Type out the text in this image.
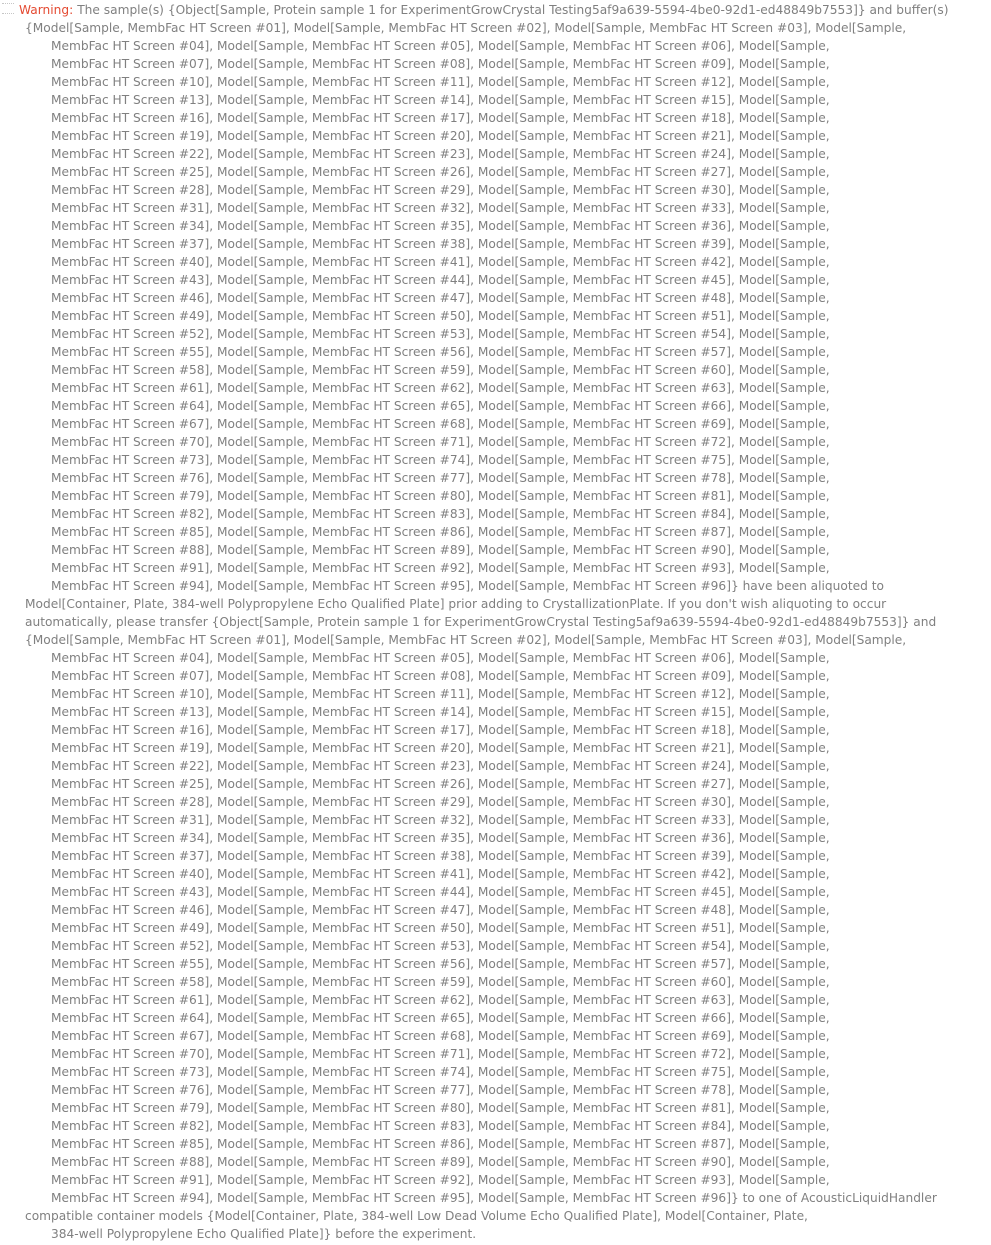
Warning: The sample(s) {Object[Sample, Protein sample 1 for ExperimentGrowCrystal Testing5af9a639-5594-4be0-92d1-ed48849b7553]} and buffer(s)
{Model[Sample, MembFac HT Screen #01], Model[Sample, MembFac HT Screen #02], Model[Sample, MembFac HT Screen #03], Model[Sample,
MembFac HT Screen #04], Model[Sample, MembFac HT Screen #05], Model[Sample, MembFac HT Screen #06], Model[Sample,
MembFac HT Screen #07], Model[Sample, MembFac HT Screen #08], Model[Sample, MembFac HT Screen #09], Model[Sample,
MembFac HT Screen #10], Model[Sample, MembFac HT Screen #11], Model[Sample, MembFac HT Screen #12], Model[Sample,
MembFac HT Screen #13], Model[Sample, MembFac HT Screen #14], Model[Sample, MembFac HT Screen #15], Model[Sample,
MembFac HT Screen #16], Model[Sample, MembFac HT Screen #17], Model[Sample, MembFac HT Screen #18], Model[Sample,
MembFac HT Screen #19], Model[Sample, MembFac HT Screen #20], Model[Sample, MembFac HT Screen #21], Model[Sample,
MembFac HT Screen #22], Model[Sample, MembFac HT Screen #23], Model[Sample, MembFac HT Screen #24], Model[Sample,
MembFac HT Screen #25], Model[Sample, MembFac HT Screen #26], Model[Sample, MembFac HT Screen #27], Model[Sample,
MembFac HT Screen #28], Model[Sample, MembFac HT Screen #29], Model[Sample, MembFac HT Screen #30], Model[Sample,
MembFac HT Screen #31], Model[Sample, MembFac HT Screen #32], Model[Sample, MembFac HT Screen #33], Model[Sample,
MembFac HT Screen #34], Model[Sample, MembFac HT Screen #35], Model[Sample, MembFac HT Screen #36], Model[Sample,
MembFac HT Screen #37], Model[Sample, MembFac HT Screen #38], Model[Sample, MembFac HT Screen #39], Model[Sample,
MembFac HT Screen #40], Model[Sample, MembFac HT Screen #41], Model[Sample, MembFac HT Screen #42], Model[Sample,
MembFac HT Screen #43], Model[Sample, MembFac HT Screen #44], Model[Sample, MembFac HT Screen #45], Model[Sample,
MembFac HT Screen #46], Model[Sample, MembFac HT Screen #47], Model[Sample, MembFac HT Screen #48], Model[Sample,
MembFac HT Screen #49], Model[Sample, MembFac HT Screen #50], Model[Sample, MembFac HT Screen #51], Model[Sample,
MembFac HT Screen #52], Model[Sample, MembFac HT Screen #53], Model[Sample, MembFac HT Screen #54], Model[Sample,
MembFac HT Screen #55], Model[Sample, MembFac HT Screen #56], Model[Sample, MembFac HT Screen #57], Model[Sample,
MembFac HT Screen #58], Model[Sample, MembFac HT Screen #59], Model[Sample, MembFac HT Screen #60], Model[Sample,
MembFac HT Screen #61], Model[Sample, MembFac HT Screen #62], Model[Sample, MembFac HT Screen #63], Model[Sample,
MembFac HT Screen #64], Model[Sample, MembFac HT Screen #65], Model[Sample, MembFac HT Screen #66], Model[Sample,
MembFac HT Screen #67], Model[Sample, MembFac HT Screen #68], Model[Sample, MembFac HT Screen #69], Model[Sample,
MembFac HT Screen #70], Model[Sample, MembFac HT Screen #71], Model[Sample, MembFac HT Screen #72], Model[Sample,
MembFac HT Screen #73], Model[Sample, MembFac HT Screen #74], Model[Sample, MembFac HT Screen #75], Model[Sample,
MembFac HT Screen #76], Model[Sample, MembFac HT Screen #77], Model[Sample, MembFac HT Screen #78], Model[Sample,
MembFac HT Screen #79], Model[Sample, MembFac HT Screen #80], Model[Sample, MembFac HT Screen #81], Model[Sample,
MembFac HT Screen #82], Model[Sample, MembFac HT Screen #83], Model[Sample, MembFac HT Screen #84], Model[Sample,
MembFac HT Screen #85], Model[Sample, MembFac HT Screen #86], Model[Sample, MembFac HT Screen #87], Model[Sample,
MembFac HT Screen #88], Model[Sample, MembFac HT Screen #89], Model[Sample, MembFac HT Screen #90], Model[Sample,
MembFac HT Screen #91], Model[Sample, MembFac HT Screen #92], Model[Sample, MembFac HT Screen #93], Model[Sample,
MembFac HT Screen #94], Model[Sample, MembFac HT Screen #95], Model[Sample, MembFac HT Screen #96]} have been aliquoted to
Model[Container, Plate, 384-well Polypropylene Echo Qualified Plate] prior adding to CrystallizationPlate. If you don't wish aliquoting to occur
automatically, please transfer {Object[Sample, Protein sample 1 for ExperimentGrowCrystal Testing5af9a639-5594-4be0-92d1-ed48849b7553]} and
{Model[Sample, MembFac HT Screen #01], Model[Sample, MembFac HT Screen #02], Model[Sample, MembFac HT Screen #03], Model[Sample,
MembFac HT Screen #04], Model[Sample, MembFac HT Screen #05], Model[Sample, MembFac HT Screen #06], Model[Sample,
MembFac HT Screen #07], Model[Sample, MembFac HT Screen #08], Model[Sample, MembFac HT Screen #09], Model[Sample,
MembFac HT Screen #10], Model[Sample, MembFac HT Screen #11], Model[Sample, MembFac HT Screen #12], Model[Sample,
MembFac HT Screen #13], Model[Sample, MembFac HT Screen #14], Model[Sample, MembFac HT Screen #15], Model[Sample,
MembFac HT Screen #16], Model[Sample, MembFac HT Screen #17], Model[Sample, MembFac HT Screen #18], Model[Sample,
MembFac HT Screen #19], Model[Sample, MembFac HT Screen #20], Model[Sample, MembFac HT Screen #21], Model[Sample,
MembFac HT Screen #22], Model[Sample, MembFac HT Screen #23], Model[Sample, MembFac HT Screen #24], Model[Sample,
MembFac HT Screen #25], Model[Sample, MembFac HT Screen #26], Model[Sample, MembFac HT Screen #27], Model[Sample,
MembFac HT Screen #28], Model[Sample, MembFac HT Screen #29], Model[Sample, MembFac HT Screen #30], Model[Sample,
MembFac HT Screen #31], Model[Sample, MembFac HT Screen #32], Model[Sample, MembFac HT Screen #33], Model[Sample,
MembFac HT Screen #34], Model[Sample, MembFac HT Screen #35], Model[Sample, MembFac HT Screen #36], Model[Sample,
MembFac HT Screen #37], Model[Sample, MembFac HT Screen #38], Model[Sample, MembFac HT Screen #39], Model[Sample,
MembFac HT Screen #40], Model[Sample, MembFac HT Screen #41], Model[Sample, MembFac HT Screen #42], Model[Sample,
MembFac HT Screen #43], Model[Sample, MembFac HT Screen #44], Model[Sample, MembFac HT Screen #45], Model[Sample,
MembFac HT Screen #46], Model[Sample, MembFac HT Screen #47], Model[Sample, MembFac HT Screen #48], Model[Sample,
MembFac HT Screen #49], Model[Sample, MembFac HT Screen #50], Model[Sample, MembFac HT Screen #51], Model[Sample,
MembFac HT Screen #52], Model[Sample, MembFac HT Screen #53], Model[Sample, MembFac HT Screen #54], Model[Sample,
MembFac HT Screen #55], Model[Sample, MembFac HT Screen #56], Model[Sample, MembFac HT Screen #57], Model[Sample,
MembFac HT Screen #58], Model[Sample, MembFac HT Screen #59], Model[Sample, MembFac HT Screen #60], Model[Sample,
MembFac HT Screen #61], Model[Sample, MembFac HT Screen #62], Model[Sample, MembFac HT Screen #63], Model[Sample,
MembFac HT Screen #64], Model[Sample, MembFac HT Screen #65], Model[Sample, MembFac HT Screen #66], Model[Sample,
MembFac HT Screen #67], Model[Sample, MembFac HT Screen #68], Model[Sample, MembFac HT Screen #69], Model[Sample,
MembFac HT Screen #70], Model[Sample, MembFac HT Screen #71], Model[Sample, MembFac HT Screen #72], Model[Sample,
MembFac HT Screen #73], Model[Sample, MembFac HT Screen #74], Model[Sample, MembFac HT Screen #75], Model[Sample,
MembFac HT Screen #76], Model[Sample, MembFac HT Screen #77], Model[Sample, MembFac HT Screen #78], Model[Sample,
MembFac HT Screen #79], Model[Sample, MembFac HT Screen #80], Model[Sample, MembFac HT Screen #81], Model[Sample,
MembFac HT Screen #82], Model[Sample, MembFac HT Screen #83], Model[Sample, MembFac HT Screen #84], Model[Sample,
MembFac HT Screen #85], Model[Sample, MembFac HT Screen #86], Model[Sample, MembFac HT Screen #87], Model[Sample,
MembFac HT Screen #88], Model[Sample, MembFac HT Screen #89], Model[Sample, MembFac HT Screen #90], Model[Sample,
MembFac HT Screen #91], Model[Sample, MembFac HT Screen #92], Model[Sample, MembFac HT Screen #93], Model[Sample,
MembFac HT Screen #94], Model[Sample, MembFac HT Screen #95], Model[Sample, MembFac HT Screen #96]} to one of AcousticLiquidHandler
compatible container models {Model[Container, Plate, 384-well Low Dead Volume Echo Qualified Plate], Model[Container, Plate,
384-well Polypropylene Echo Qualified Plate]} before the experiment.
